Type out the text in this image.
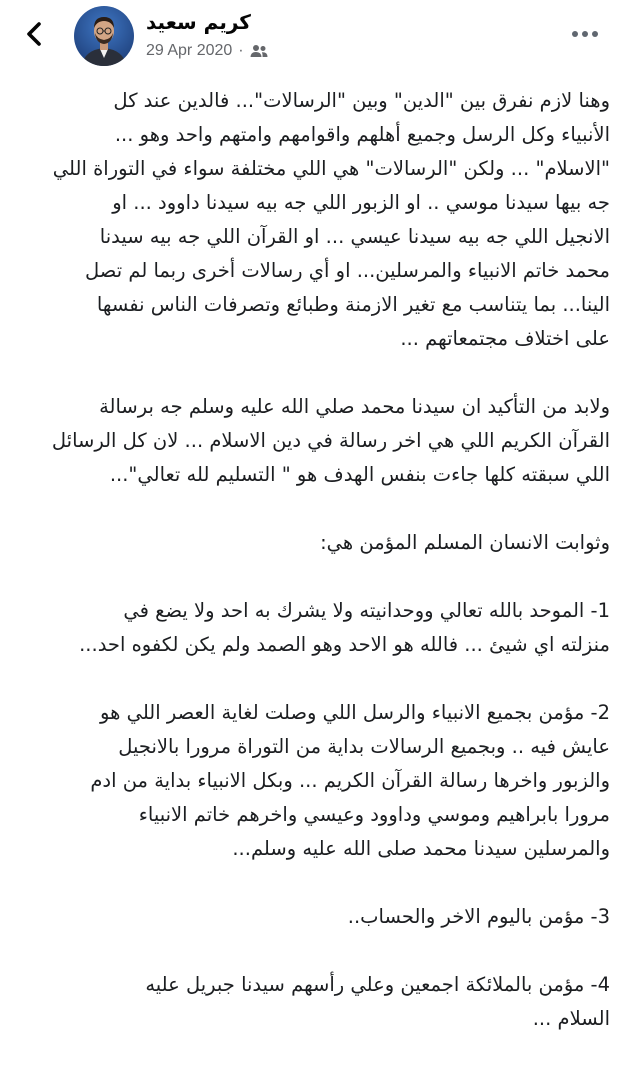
كريم سعيد
29 Apr 2020 ·

وهنا لازم نفرق بين "الدين" وبين "الرسالات"... فالدين عند كل
الأنبياء وكل الرسل وجميع أهلهم واقوامهم وامتهم واحد وهو ...
"الاسلام" ... ولكن "الرسالات" هي اللي مختلفة سواء في التوراة اللي
جه بيها سيدنا موسي .. او الزبور اللي جه بيه سيدنا داوود ... او
الانجيل اللي جه بيه سيدنا عيسي ... او القرآن اللي جه بيه سيدنا
محمد خاتم الانبياء والمرسلين... او أي رسالات أخرى ربما لم تصل
الينا... بما يتناسب مع تغير الازمنة وطبائع وتصرفات الناس نفسها
على اختلاف مجتمعاتهم ...

ولابد من التأكيد ان سيدنا محمد صلي الله عليه وسلم جه برسالة
القرآن الكريم اللي هي اخر رسالة في دين الاسلام ... لان كل الرسائل
اللي سبقته كلها جاءت بنفس الهدف هو " التسليم لله تعالي"...

وثوابت الانسان المسلم المؤمن هي:

1- الموحد بالله تعالي ووحدانيته ولا يشرك به احد ولا يضع في
منزلته اي شيئ ... فالله هو الاحد وهو الصمد ولم يكن لكفوه احد...

2- مؤمن بجميع الانبياء والرسل اللي وصلت لغاية العصر اللي هو
عايش فيه .. وبجميع الرسالات بداية من التوراة مرورا بالانجيل
والزبور واخرها رسالة القرآن الكريم ... وبكل الانبياء بداية من ادم
مرورا بابراهيم وموسي وداوود وعيسي واخرهم خاتم الانبياء
والمرسلين سيدنا محمد صلى الله عليه وسلم...

3- مؤمن باليوم الاخر والحساب..

4- مؤمن بالملائكة اجمعين وعلي رأسهم سيدنا جبريل عليه
السلام ...
